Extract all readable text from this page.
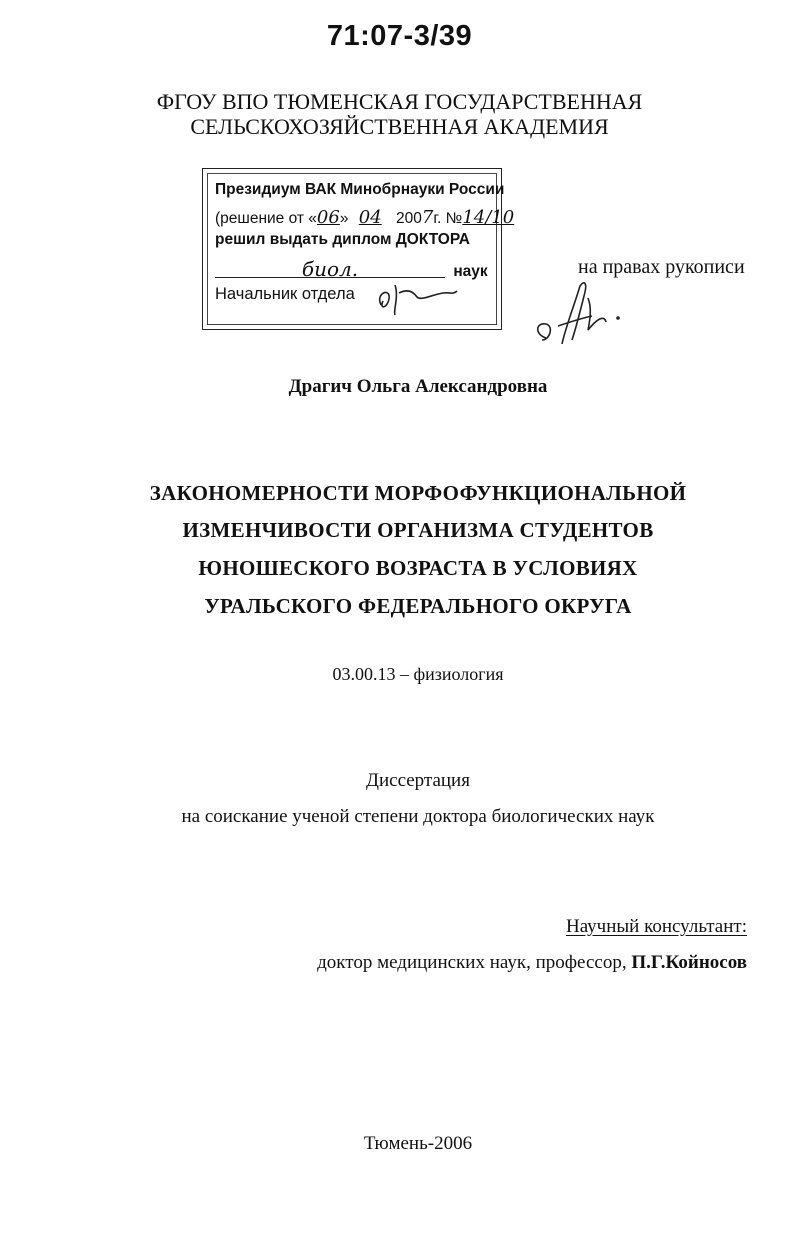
71:07-3/39
ФГОУ ВПО ТЮМЕНСКАЯ ГОСУДАРСТВЕННАЯ
СЕЛЬСКОХОЗЯЙСТВЕННАЯ АКАДЕМИЯ
Президиум ВАК Минобрнауки России
(решение от «06» 04 2007г. №14/10
решил выдать диплом ДОКТОРА
биол.	наук
Начальник отдела
на правах рукописи
Драгич Ольга Александровна
ЗАКОНОМЕРНОСТИ МОРФОФУНКЦИОНАЛЬНОЙ
ИЗМЕНЧИВОСТИ ОРГАНИЗМА СТУДЕНТОВ
ЮНОШЕСКОГО ВОЗРАСТА В УСЛОВИЯХ
УРАЛЬСКОГО ФЕДЕРАЛЬНОГО ОКРУГА
03.00.13 – физиология
Диссертация
на соискание ученой степени доктора биологических наук
Научный консультант:
доктор медицинских наук, профессор, П.Г.Койносов
Тюмень-2006
